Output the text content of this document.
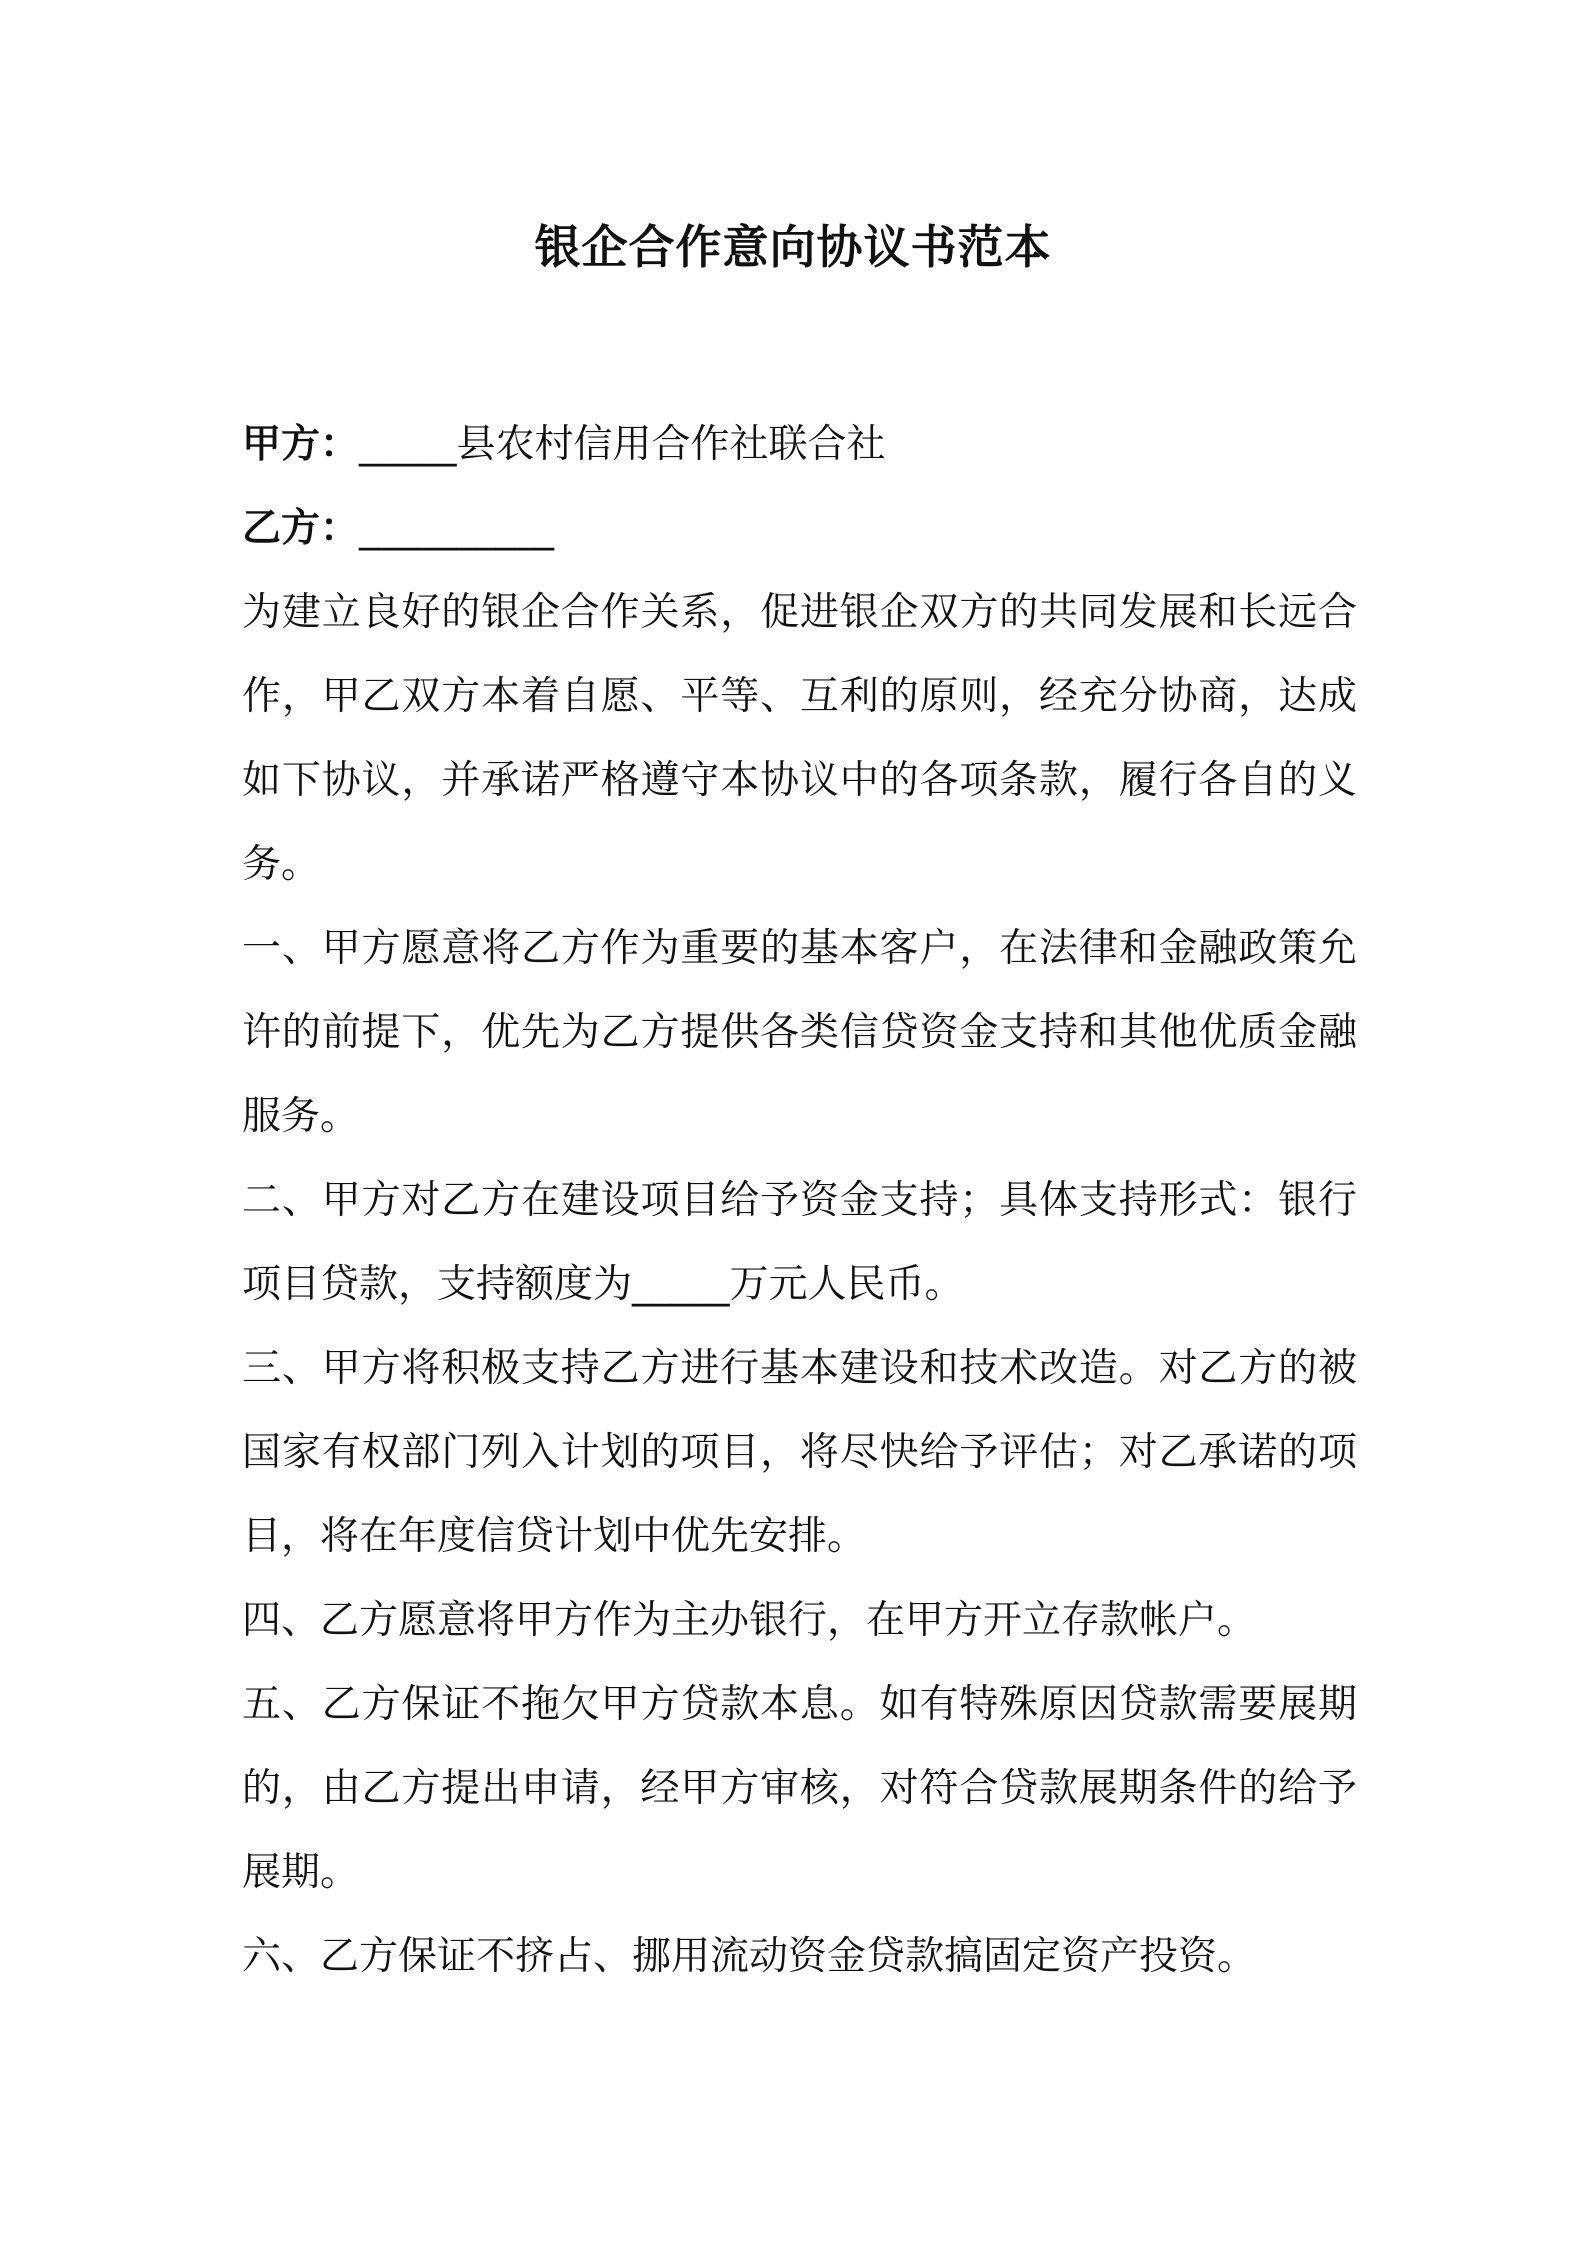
银企合作意向协议书范本

甲方：_____县农村信用合作社联合社

乙方：__________

为建立良好的银企合作关系，促进银企双方的共同发展和长远合作，甲乙双方本着自愿、平等、互利的原则，经充分协商，达成如下协议，并承诺严格遵守本协议中的各项条款，履行各自的义务。

一、甲方愿意将乙方作为重要的基本客户，在法律和金融政策允许的前提下，优先为乙方提供各类信贷资金支持和其他优质金融服务。

二、甲方对乙方在建设项目给予资金支持；具体支持形式：银行项目贷款，支持额度为_____万元人民币。

三、甲方将积极支持乙方进行基本建设和技术改造。对乙方的被国家有权部门列入计划的项目，将尽快给予评估；对乙承诺的项目，将在年度信贷计划中优先安排。

四、乙方愿意将甲方作为主办银行，在甲方开立存款帐户。

五、乙方保证不拖欠甲方贷款本息。如有特殊原因贷款需要展期的，由乙方提出申请，经甲方审核，对符合贷款展期条件的给予展期。

六、乙方保证不挤占、挪用流动资金贷款搞固定资产投资。
